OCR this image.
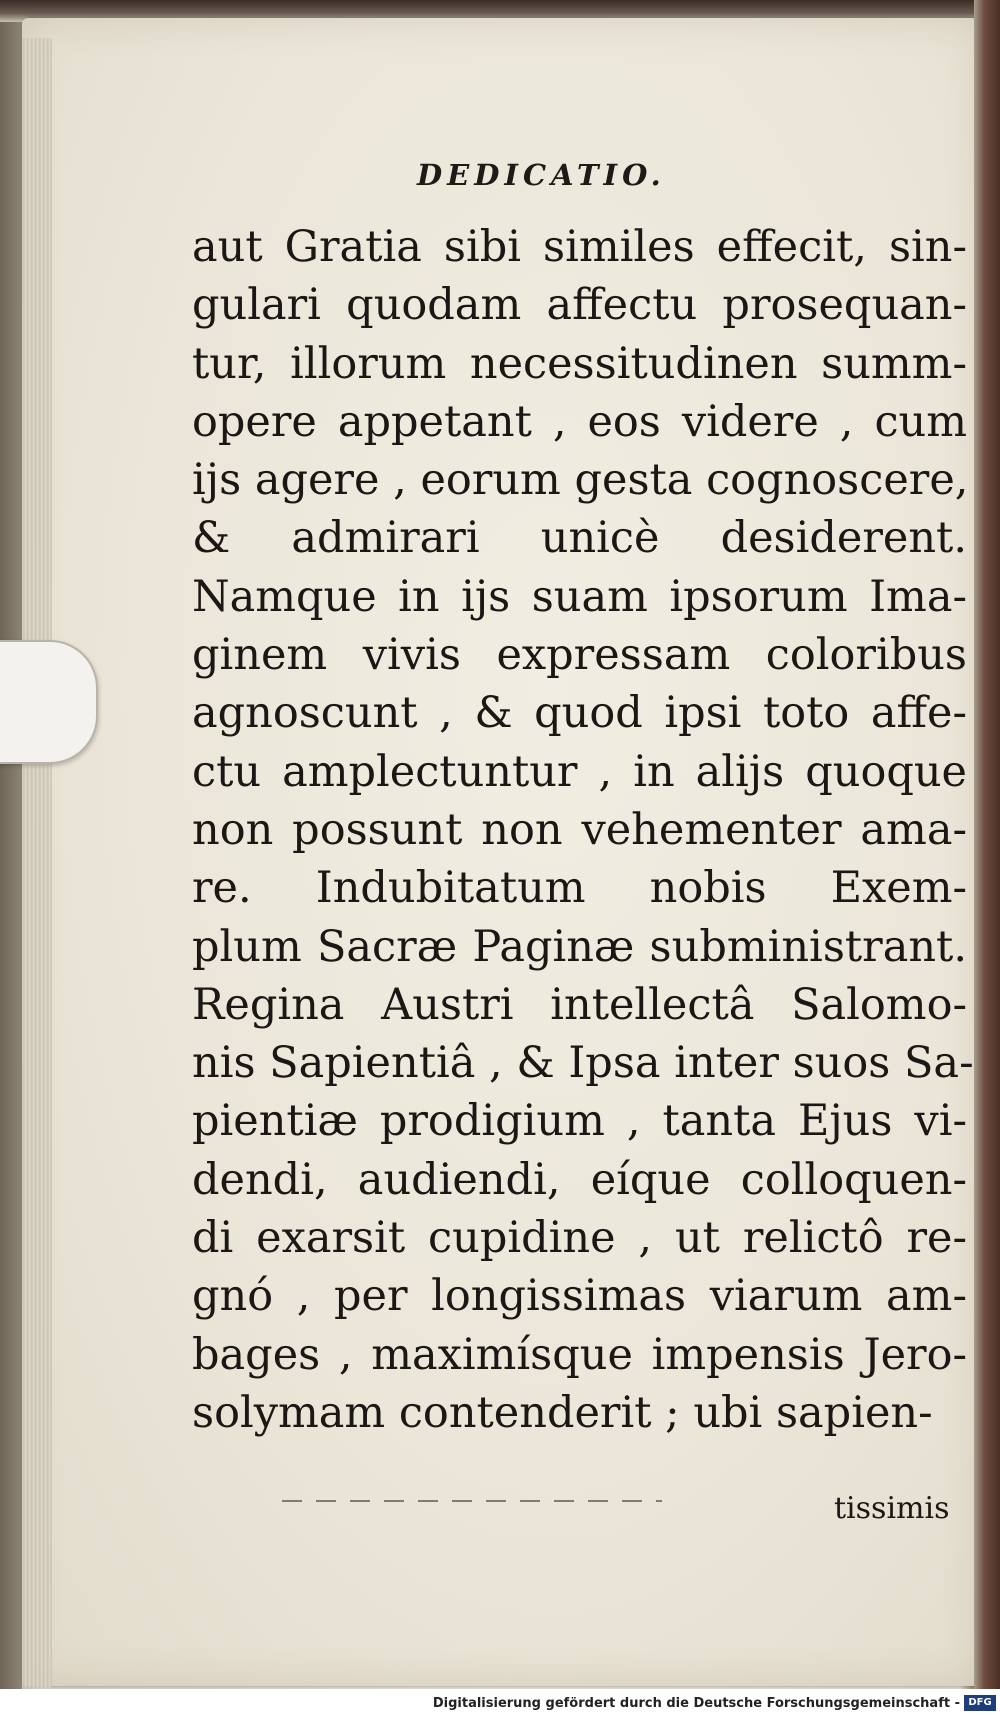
DEDICATIO.
aut Gratia sibi similes effecit, sin-
gulari quodam affectu prosequan-
tur, illorum necessitudinen summ-
opere appetant , eos videre , cum
ijs agere , eorum gesta cognoscere,
& admirari unicè desiderent.
Namque in ijs suam ipsorum Ima-
ginem vivis expressam coloribus
agnoscunt , & quod ipsi toto affe-
ctu amplectuntur , in alijs quoque
non possunt non vehementer ama-
re. Indubitatum nobis Exem-
plum Sacræ Paginæ subministrant.
Regina Austri intellectâ Salomo-
nis Sapientiâ , & Ipsa inter suos Sa-
pientiæ prodigium , tanta Ejus vi-
dendi, audiendi, eíque colloquen-
di exarsit cupidine , ut relictô re-
gnó , per longissimas viarum am-
bages , maximísque impensis Jero-
solymam contenderit ; ubi sapien-
tissimis
Digitalisierung gefördert durch die Deutsche Forschungsgemeinschaft - DFG
